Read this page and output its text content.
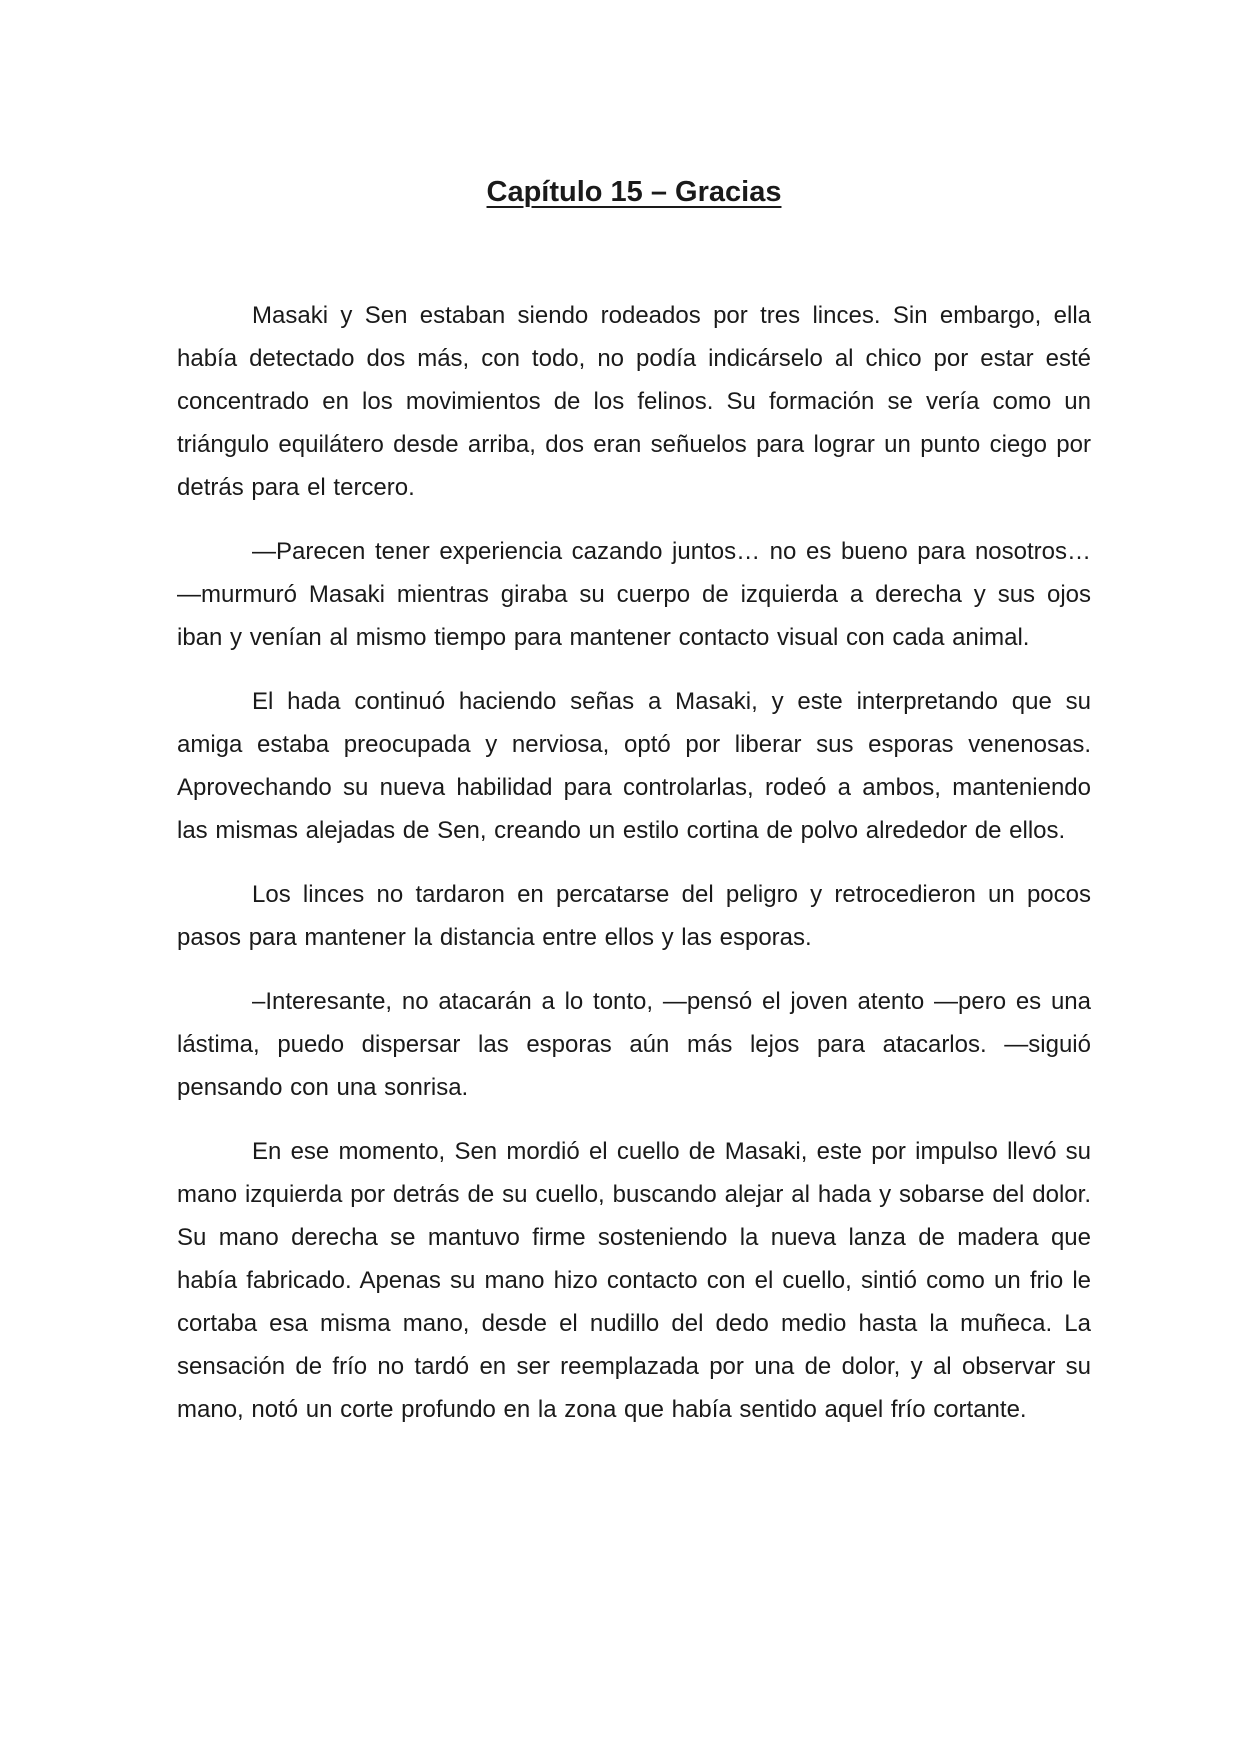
Capítulo 15 – Gracias

Masaki y Sen estaban siendo rodeados por tres linces. Sin embargo, ella había detectado dos más, con todo, no podía indicárselo al chico por estar esté concentrado en los movimientos de los felinos. Su formación se vería como un triángulo equilátero desde arriba, dos eran señuelos para lograr un punto ciego por detrás para el tercero.

—Parecen tener experiencia cazando juntos… no es bueno para nosotros… —murmuró Masaki mientras giraba su cuerpo de izquierda a derecha y sus ojos iban y venían al mismo tiempo para mantener contacto visual con cada animal.

El hada continuó haciendo señas a Masaki, y este interpretando que su amiga estaba preocupada y nerviosa, optó por liberar sus esporas venenosas. Aprovechando su nueva habilidad para controlarlas, rodeó a ambos, manteniendo las mismas alejadas de Sen, creando un estilo cortina de polvo alrededor de ellos.

Los linces no tardaron en percatarse del peligro y retrocedieron un pocos pasos para mantener la distancia entre ellos y las esporas.

–Interesante, no atacarán a lo tonto, —pensó el joven atento —pero es una lástima, puedo dispersar las esporas aún más lejos para atacarlos. —siguió pensando con una sonrisa.

En ese momento, Sen mordió el cuello de Masaki, este por impulso llevó su mano izquierda por detrás de su cuello, buscando alejar al hada y sobarse del dolor. Su mano derecha se mantuvo firme sosteniendo la nueva lanza de madera que había fabricado. Apenas su mano hizo contacto con el cuello, sintió como un frio le cortaba esa misma mano, desde el nudillo del dedo medio hasta la muñeca. La sensación de frío no tardó en ser reemplazada por una de dolor, y al observar su mano, notó un corte profundo en la zona que había sentido aquel frío cortante.
